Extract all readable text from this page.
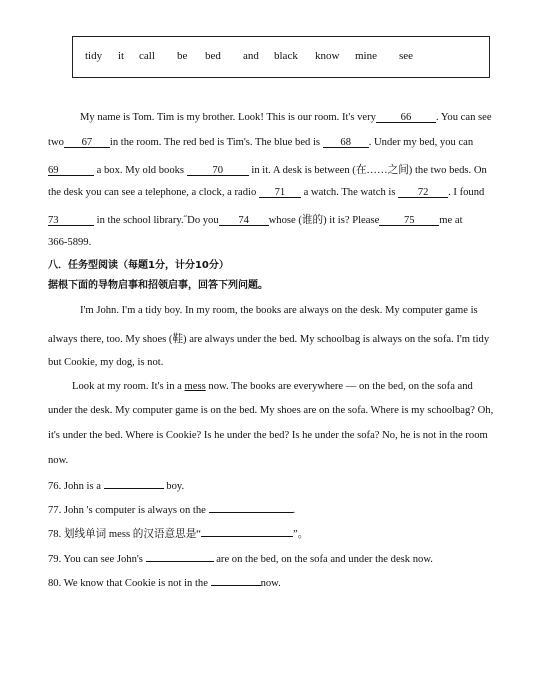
tidy it call be bed and black know mine see
My name is Tom. Tim is my brother. Look! This is our room. It's very 66 . You can see
two 67 in the room. The red bed is Tim's. The blue bed is 68 . Under my bed, you can
69	a box. My old books	70	in it. A desk is between (在……之间) the two beds. On
the desk you can see a telephone, a clock, a radio 71 a watch. The watch is 72 . I found
73	in the school library.˝Do you 74 whose (谁的) it is? Please 75 me at
366-5899.
八．任务型阅读（每题1分，计分10分）
据根下面的导物启事和招领启事，回答下列问题。
I'm John. I'm a tidy boy. In my room, the books are always on the desk. My computer game is
always there, too. My shoes (鞋) are always under the bed. My schoolbag is always on the sofa. I'm tidy
but Cookie, my dog, is not.
Look at my room. It's in a mess now. The books are everywhere — on the bed, on the sofa and
under the desk. My computer game is on the bed. My shoes are on the sofa. Where is my schoolbag? Oh,
it's under the bed. Where is Cookie? Is he under the bed? Is he under the sofa? No, he is not in the room
now.
76. John is a	boy.
77. John 's computer is always on the	.
78. 划线单词 mess 的汉语意思是“	”。
79. You can see John's	are on the bed, on the sofa and under the desk now.
80. We know that Cookie is not in the	now.
